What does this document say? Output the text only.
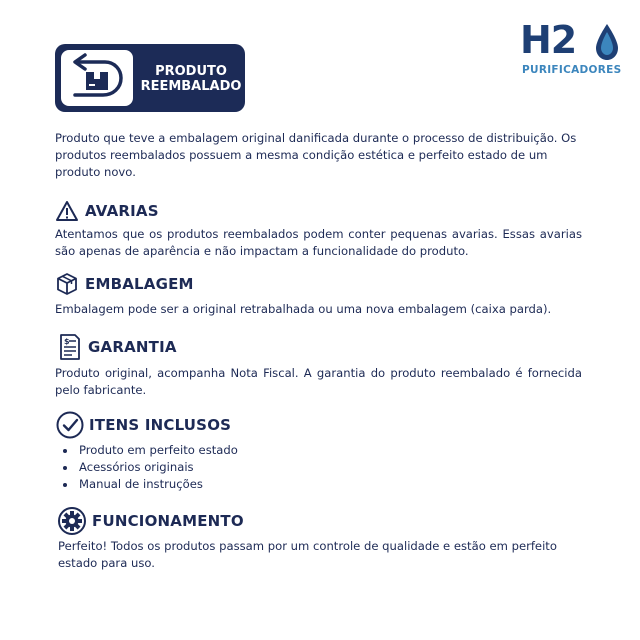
H2
PURIFICADORES
PRODUTO
REEMBALADO

Produto que teve a embalagem original danificada durante o processo de distribuição. Os produtos reembalados possuem a mesma condição estética e perfeito estado de um produto novo.

AVARIAS

Atentamos que os produtos reembalados podem conter pequenas avarias. Essas avarias são apenas de aparência e não impactam a funcionalidade do produto.

EMBALAGEM

Embalagem pode ser a original retrabalhada ou uma nova embalagem (caixa parda).

$ GARANTIA

Produto original, acompanha Nota Fiscal. A garantia do produto reembalado é fornecida pelo fabricante.

ITENS INCLUSOS
Produto em perfeito estado
Acessórios originais
Manual de instruções
FUNCIONAMENTO

Perfeito! Todos os produtos passam por um controle de qualidade e estão em perfeito estado para uso.
